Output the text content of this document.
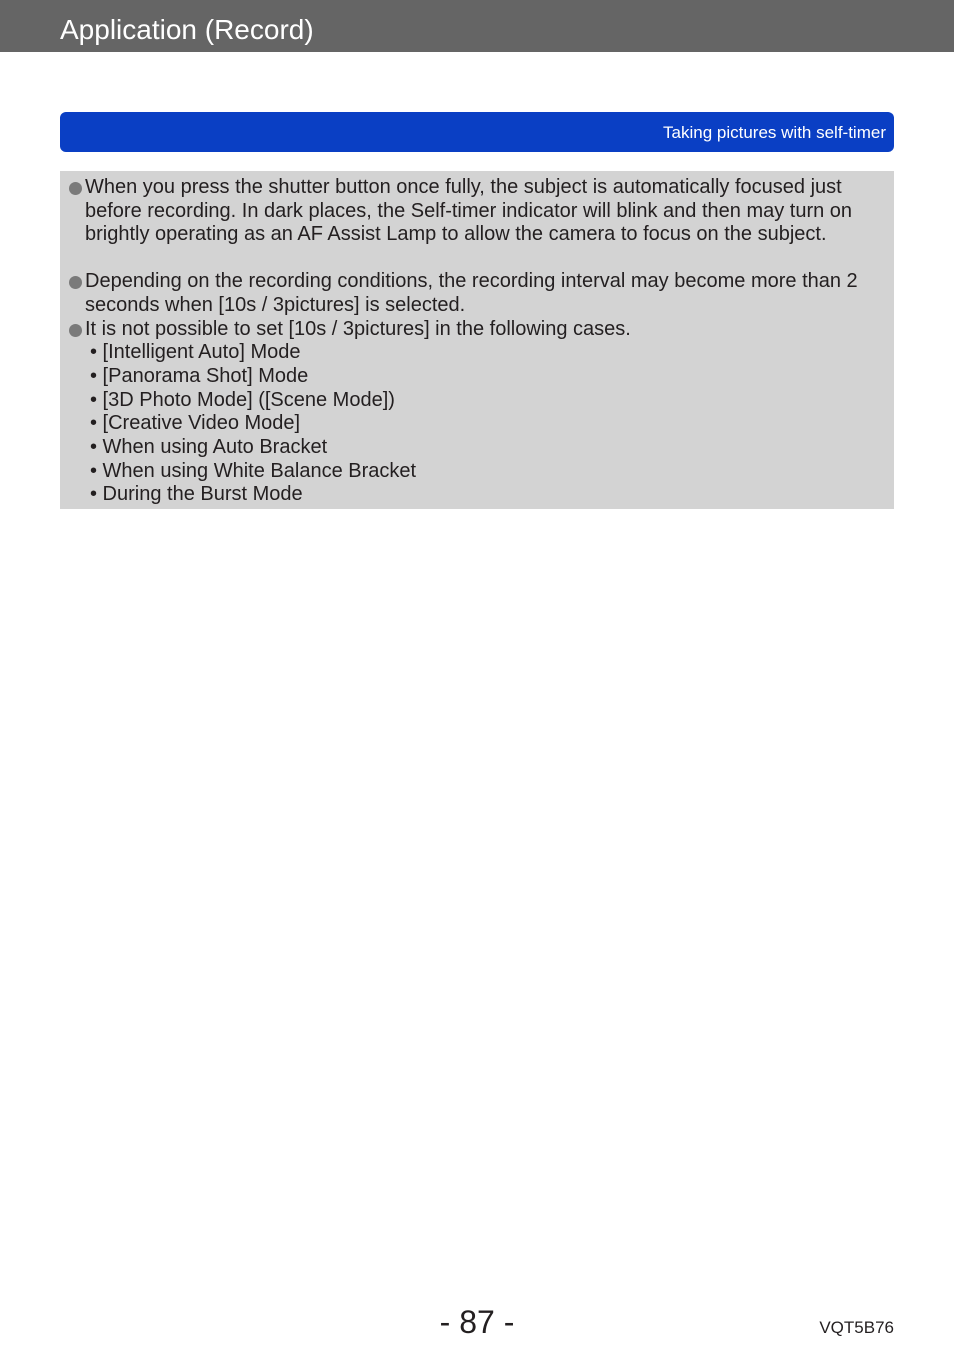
Application (Record)
Taking pictures with self-timer
When you press the shutter button once fully, the subject is automatically focused just before recording. In dark places, the Self-timer indicator will blink and then may turn on brightly operating as an AF Assist Lamp to allow the camera to focus on the subject.
Depending on the recording conditions, the recording interval may become more than 2 seconds when [10s / 3pictures] is selected.
It is not possible to set [10s / 3pictures] in the following cases.
• [Intelligent Auto] Mode
• [Panorama Shot] Mode
• [3D Photo Mode] ([Scene Mode])
• [Creative Video Mode]
• When using Auto Bracket
• When using White Balance Bracket
• During the Burst Mode
- 87 -	VQT5B76
